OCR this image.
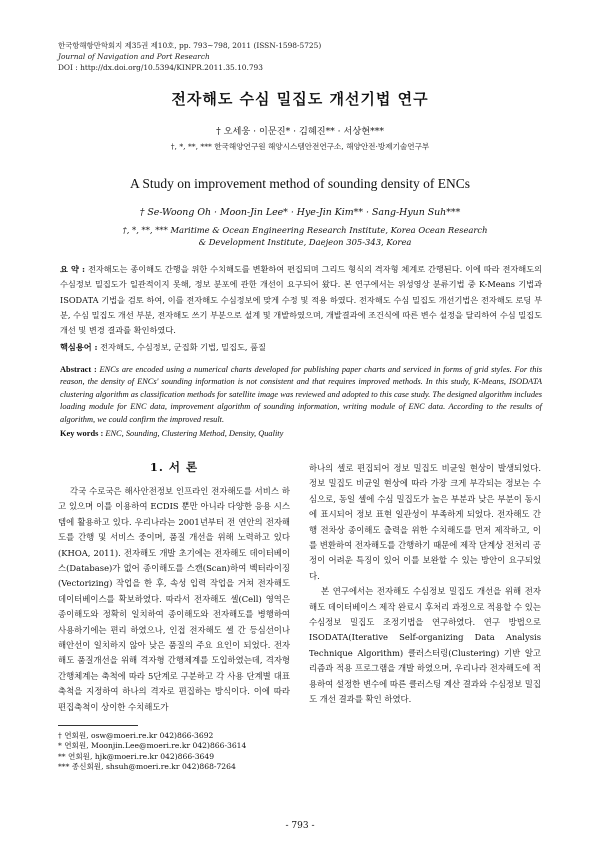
한국항해항만학회지 제35권 제10호, pp. 793~798, 2011 (ISSN-1598-5725)
Journal of Navigation and Port Research
DOI : http://dx.doi.org/10.5394/KINPR.2011.35.10.793
전자해도 수심 밀집도 개선기법 연구
† 오세웅 · 이문진* · 김혜진** · 서상현***
†, *, **, *** 한국해양연구원 해양시스템안전연구소, 해양안전·방제기술연구부
A Study on improvement method of sounding density of ENCs
† Se-Woong Oh · Moon-Jin Lee* · Hye-Jin Kim** · Sang-Hyun Suh***
†, *, **, *** Maritime & Ocean Engineering Research Institute, Korea Ocean Research & Development Institute, Daejeon 305-343, Korea
요 약 : 전자해도는 종이해도 간행을 위한 수치해도를 변환하여 편집되며 그리드 형식의 격자형 체계로 간행된다. 이에 따라 전자해도의 수심정보 밀집도가 일관적이지 못해, 정보 분포에 관한 개선이 요구되어 왔다. 본 연구에서는 위성영상 분류기법 중 K-Means 기법과 ISODATA 기법을 검토 하여, 이를 전자해도 수심정보에 맞게 수정 및 적용 하였다. 전자해도 수심 밀집도 개선기법은 전자해도 로딩 부분, 수심 밀집도 개선 부분, 전자해도 쓰기 부분으로 설계 및 개발하였으며, 개발결과에 조건식에 따른 변수 설정을 달리하여 수심 밀집도 개선 및 변경 결과를 확인하였다.
핵심용어 : 전자해도, 수심정보, 군집화 기법, 밀집도, 품질
Abstract : ENCs are encoded using a numerical charts developed for publishing paper charts and serviced in forms of grid styles. For this reason, the density of ENCs' sounding information is not consistent and that requires improved methods. In this study, K-Means, ISODATA clustering algorithm as classification methods for satellite image was reviewed and adopted to this case study. The designed algorithm includes loading module for ENC data, improvement algorithm of sounding information, writing module of ENC data. According to the results of algorithm, we could confirm the improved result.
Key words : ENC, Sounding, Clustering Method, Density, Quality
1. 서 론

각국 수로국은 해사안전정보 인프라인 전자해도를 서비스 하고 있으며 이를 이용하여 ECDIS 뿐만 아니라 다양한 응용 시스템에 활용하고 있다. 우리나라는 2001년부터 전 연안의 전자해도를 간행 및 서비스 중이며, 품질 개선을 위해 노력하고 있다(KHOA, 2011). 전자해도 개발 초기에는 전자해도 데이터베이스(Database)가 없어 종이해도를 스캔(Scan)하여 벡터라이징(Vectorizing) 작업을 한 후, 속성 입력 작업을 거쳐 전자해도 데이터베이스를 확보하였다. 따라서 전자해도 셀(Cell) 영역은 종이해도와 정확히 일치하여 종이해도와 전자해도를 병행하여 사용하기에는 편리 하였으나, 인접 전자해도 셀 간 등심선이나 해안선이 일치하지 않아 낮은 품질의 주요 요인이 되었다. 전자해도 품질개선을 위해 격자형 간행체계를 도입하였는데, 격자형 간행체계는 축척에 따라 5단계로 구분하고 각 사용 단계별 대표 축척을 지정하여 하나의 격자로 편집하는 방식이다. 이에 따라 편집축척이 상이한 수치해도가

하나의 셀로 편집되어 정보 밀집도 비균일 현상이 발생되었다. 정보 밀집도 비균일 현상에 따라 가장 크게 부각되는 정보는 수심으로, 동일 셀에 수심 밀집도가 높은 부분과 낮은 부분이 동시에 표시되어 정보 표현 일관성이 부족하게 되었다. 전자해도 간행 전차상 종이해도 출력을 위한 수치해도를 먼저 제작하고, 이를 변환하여 전자해도를 간행하기 때문에 제작 단계상 전처리 공정이 어려운 특징이 있어 이를 보완할 수 있는 방안이 요구되었다.

본 연구에서는 전자해도 수심정보 밀집도 개선을 위해 전자해도 데이터베이스 제작 완료시 후처리 과정으로 적용할 수 있는 수심정보 밀집도 조정기법을 연구하였다. 연구 방법으로 ISODATA(Iterative Self-organizing Data Analysis Technique Algorithm) 클러스터링(Clustering) 기반 알고리즘과 적용 프로그램을 개발 하였으며, 우리나라 전자해도에 적용하여 설정한 변수에 따른 클러스팅 계산 결과와 수심정보 밀집도 개선 결과를 확인 하였다.

† 연회원, osw@moeri.re.kr 042)866-3692
* 연회원, Moonjin.Lee@moeri.re.kr 042)866-3614
** 연회원, hjk@moeri.re.kr 042)866-3649
*** 종신회원, shsuh@moeri.re.kr 042)868-7264
- 793 -
